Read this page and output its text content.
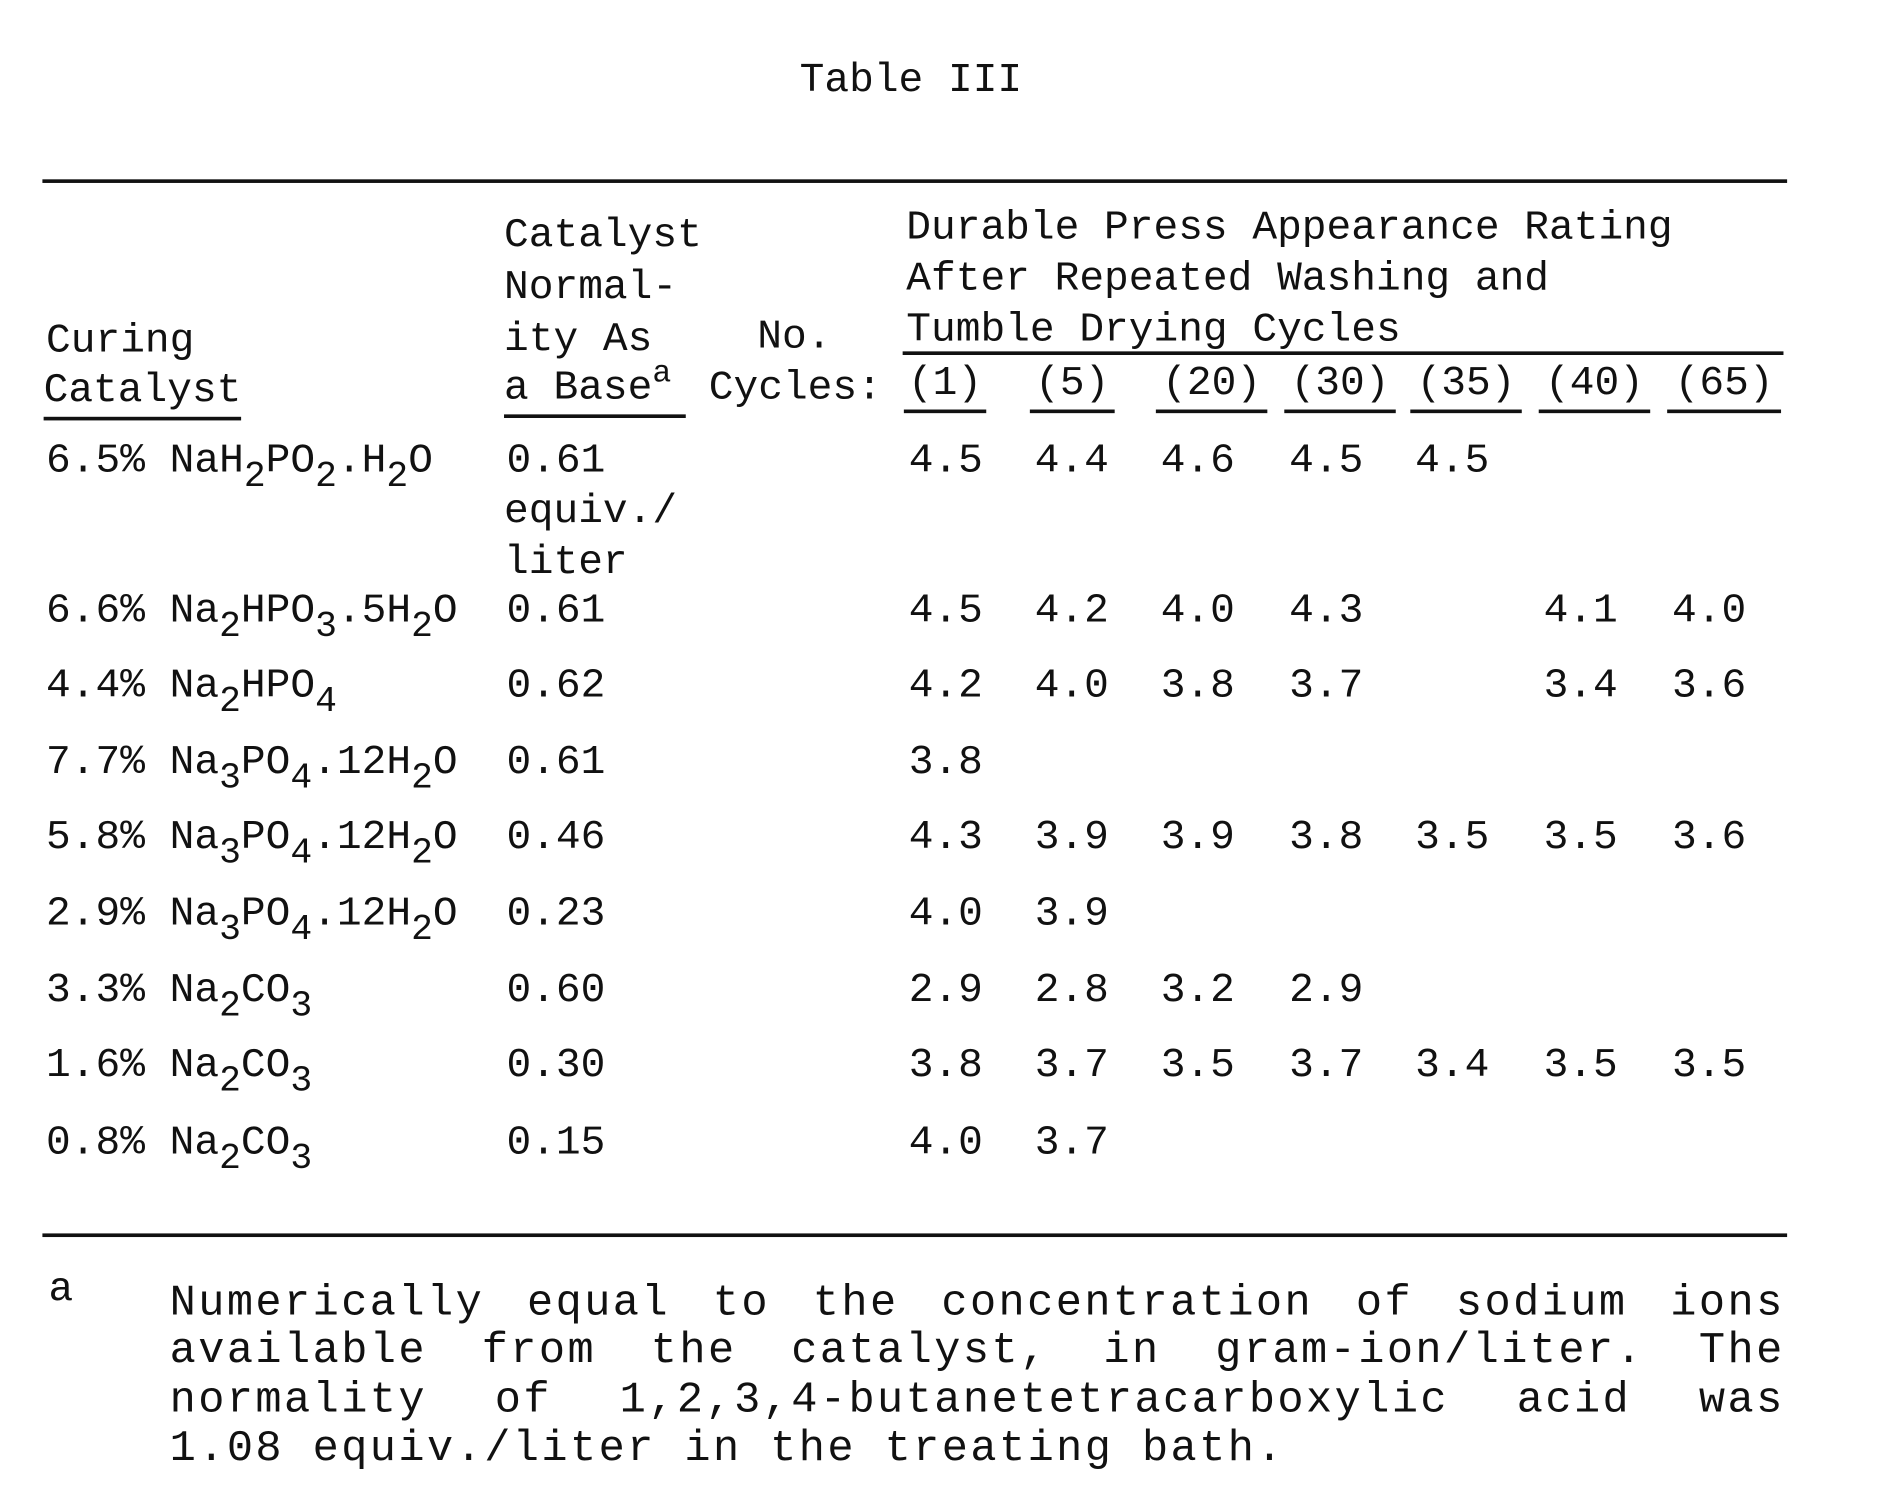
Table III
Curing
Catalyst
Catalyst
Normal-
ity As
a Basea
No.
Cycles:
Durable Press Appearance Rating
After Repeated Washing and
Tumble Drying Cycles
(1) (5) (20) (30) (35) (40) (65)
6.5% NaH2PO2.H2O 0.61
equiv./
liter
4.5 4.4 4.6 4.5 4.5
6.6% Na2HPO3.5H2O 0.61	4.5 4.2 4.0 4.3	4.1 4.0
4.4% Na2HPO4	0.62	4.2 4.0 3.8 3.7	3.4 3.6
7.7% Na3PO4.12H2O 0.61	3.8
5.8% Na3PO4.12H2O 0.46	4.3 3.9 3.9 3.8 3.5 3.5 3.6
2.9% Na3PO4.12H2O 0.23	4.0 3.9
3.3% Na2CO3	0.60	2.9 2.8 3.2 2.9
1.6% Na2CO3	0.30	3.8 3.7 3.5 3.7 3.4 3.5 3.5
0.8% Na2CO3	0.15	4.0 3.7
a	Numerically equal to the concentration of sodium ions
available from the catalyst, in gram-ion/liter. The
normality of 1,2,3,4-butanetetracarboxylic acid was
1.08 equiv./liter in the treating bath.
